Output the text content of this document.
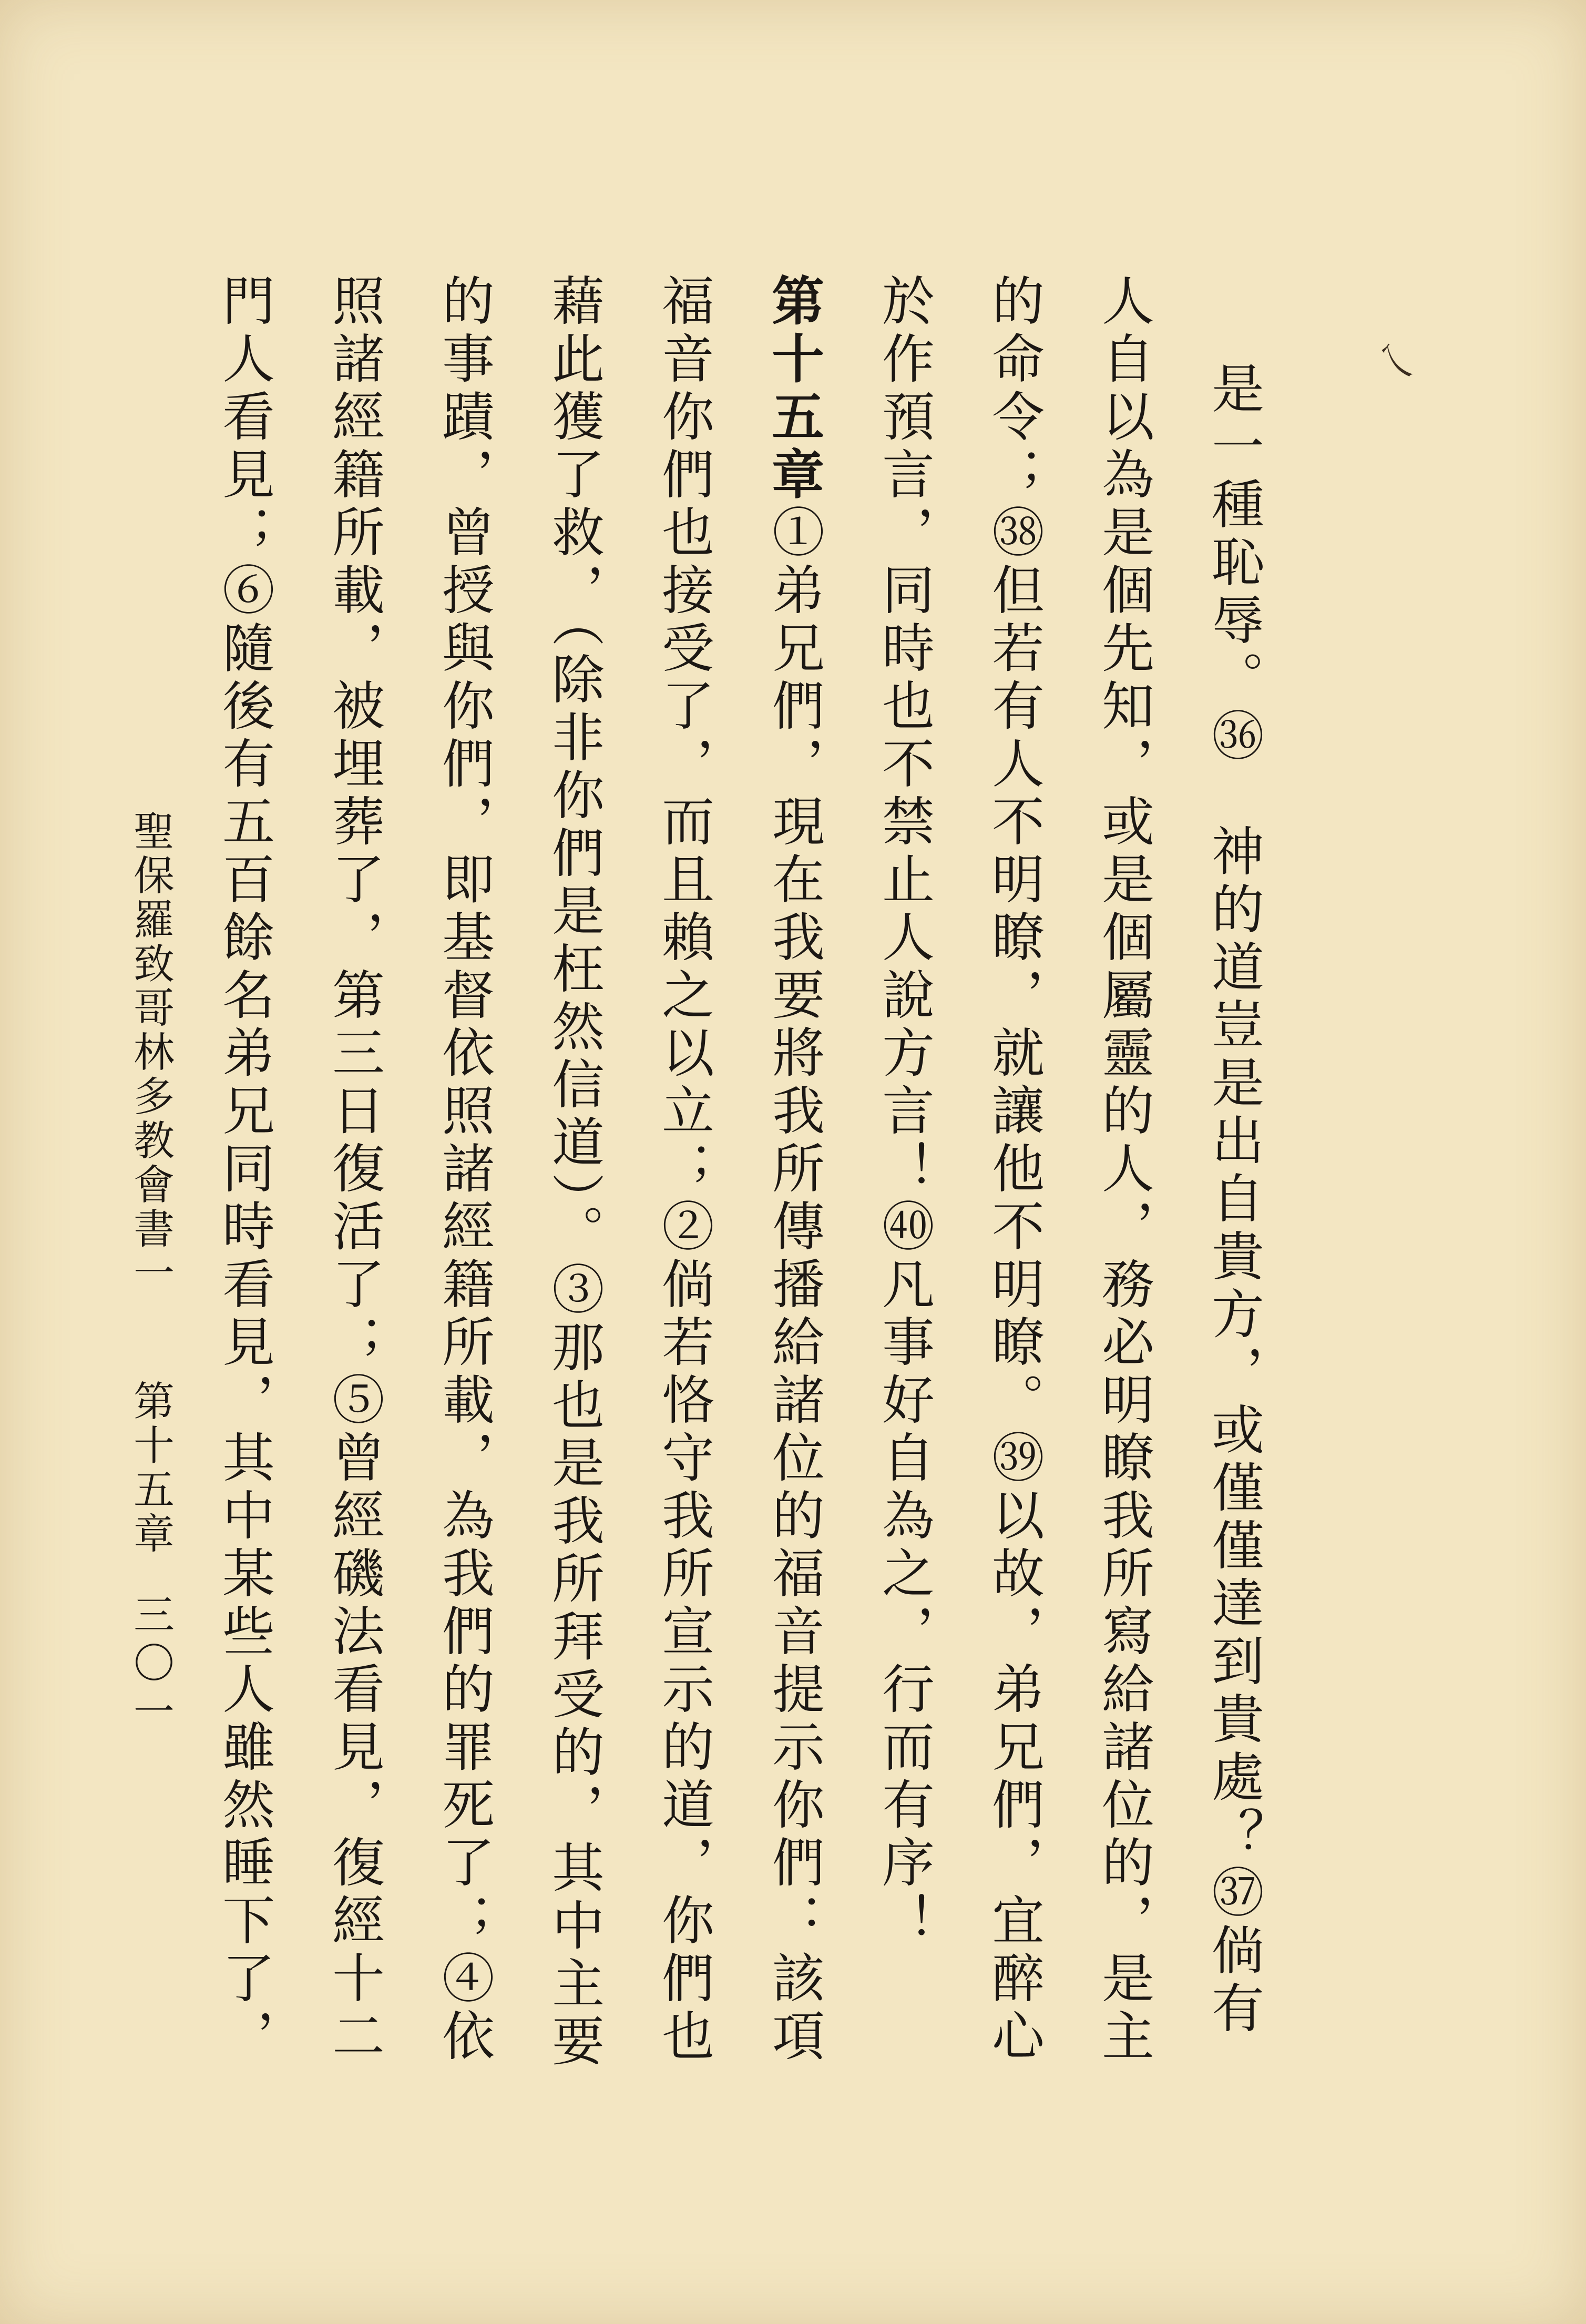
乀

是一種恥辱。㊱　神的道豈是出自貴方，或僅僅達到貴處？㊲倘有人自以為是個先知，或是個屬靈的人，務必明瞭我所寫給諸位的，是主的命令；㊳但若有人不明瞭，就讓他不明瞭。㊴以故，弟兄們，宜醉心於作預言，同時也不禁止人說方言！㊵凡事好自為之，行而有序！
第十五章①弟兄們，現在我要將我所傳播給諸位的福音提示你們：該項福音你們也接受了，而且賴之以立；②倘若恪守我所宣示的道，你們也藉此獲了救，（除非你們是枉然信道）。③那也是我所拜受的，其中主要的事蹟，曾授與你們，即基督依照諸經籍所載，為我們的罪死了；④依照諸經籍所載，被埋葬了，第三日復活了；⑤曾經磯法看見，復經十二門人看見；⑥隨後有五百餘名弟兄同時看見，其中某些人雖然睡下了，　　　　　

聖保羅致哥林多教會書一第十五章
三〇一
